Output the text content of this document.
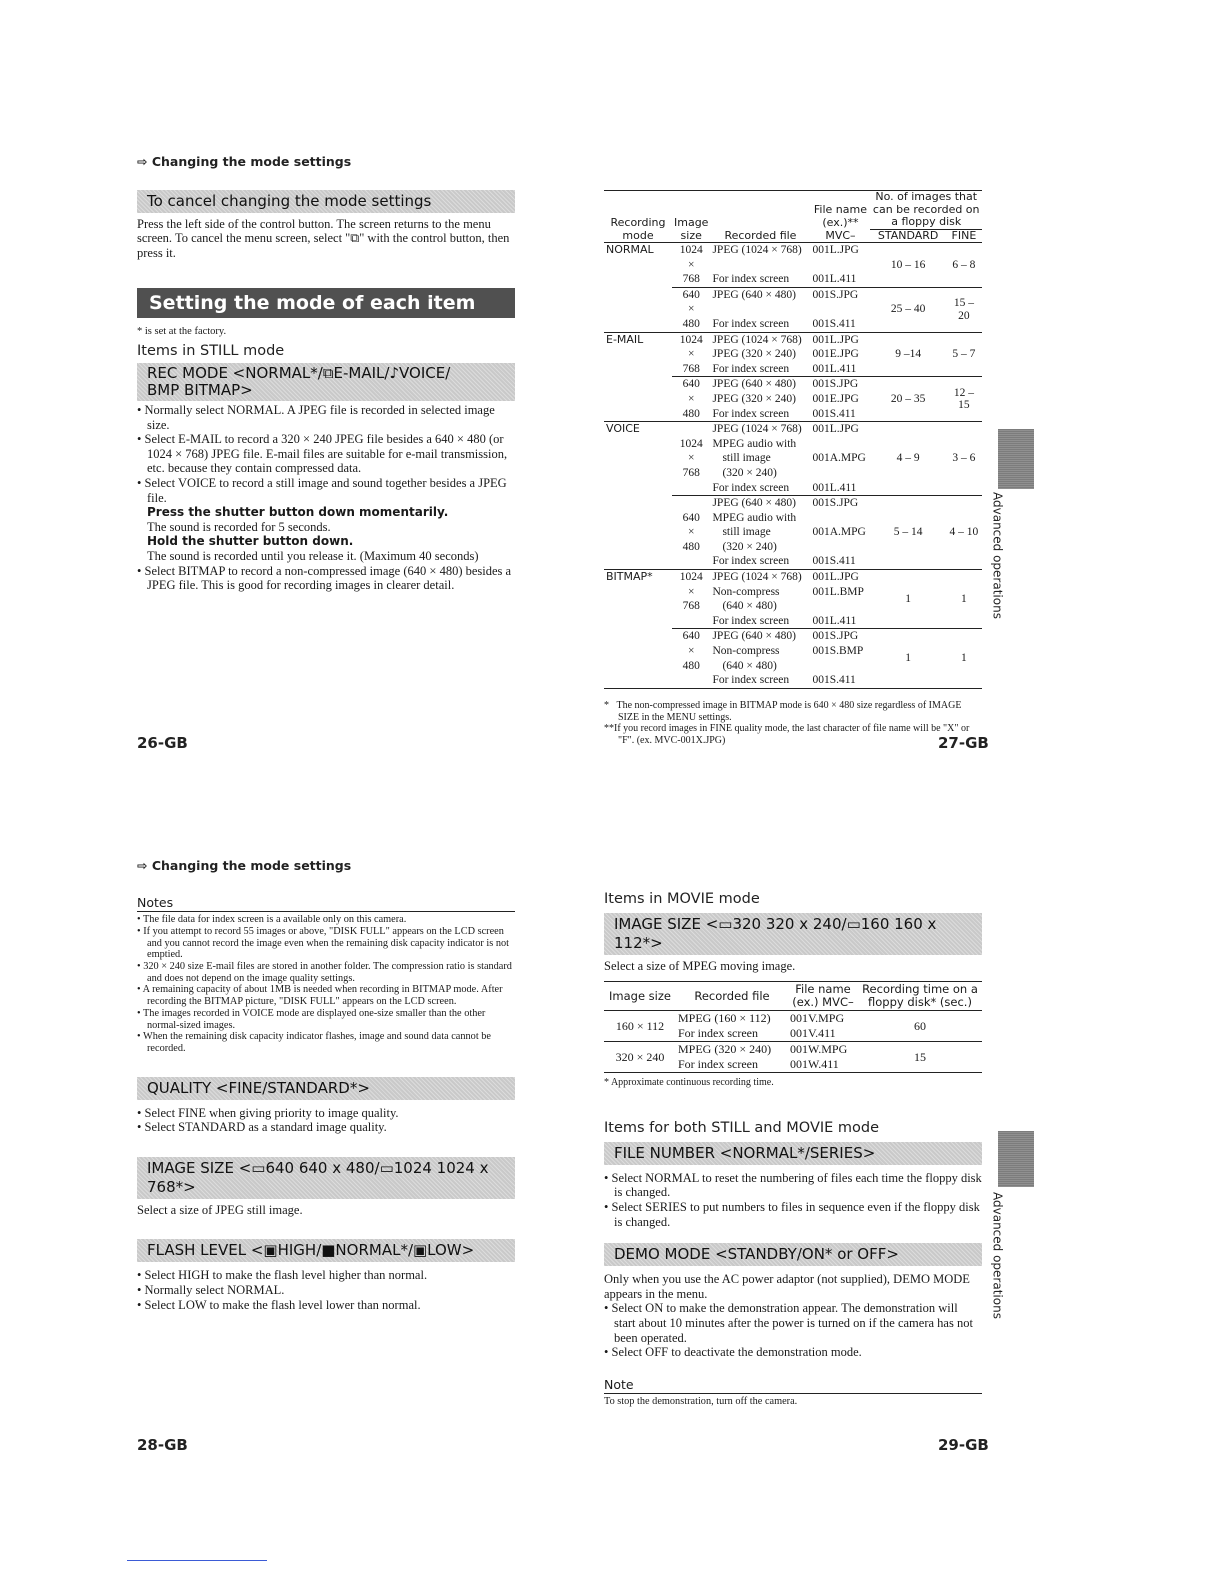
⇨ Changing the mode settings
To cancel changing the mode settings

Press the left side of the control button. The screen returns to the menu screen. To cancel the menu screen, select "⧉" with the control button, then press it.

Setting the mode of each item

* is set at the factory.

Items in STILL mode
REC MODE <NORMAL*/⧉E-MAIL/♪VOICE/
BMP BITMAP>
• Normally select NORMAL. A JPEG file is recorded in selected image size.
• Select E-MAIL to record a 320 × 240 JPEG file besides a 640 × 480 (or 1024 × 768) JPEG file. E-mail files are suitable for e-mail transmission, etc. because they contain compressed data.
• Select VOICE to record a still image and sound together besides a JPEG file.
Press the shutter button down momentarily.
The sound is recorded for 5 seconds.
Hold the shutter button down.
The sound is recorded until you release it. (Maximum 40 seconds)
• Select BITMAP to record a non-compressed image (640 × 480) besides a JPEG file. This is good for recording images in clearer detail.
26-GB
Recording mode	Image size	Recorded file	File name (ex.)**	No. of images that can be recorded on a floppy disk	
			MVC–	STANDARD	FINE
NORMAL	1024	JPEG (1024 × 768)	001L.JPG	10 – 16	6 – 8
	×				
	768	For index screen	001L.411		
	640	JPEG (640 × 480)	001S.JPG	25 – 40	15 – 20
	×				
	480	For index screen	001S.411		
E-MAIL	1024	JPEG (1024 × 768)	001L.JPG	9 –14	5 – 7
	×	JPEG (320 × 240)	001E.JPG		
	768	For index screen	001L.411		
	640	JPEG (640 × 480)	001S.JPG	20 – 35	12 – 15
	×	JPEG (320 × 240)	001E.JPG		
	480	For index screen	001S.411		
VOICE		JPEG (1024 × 768)	001L.JPG	4 – 9	3 – 6
	1024	MPEG audio with			
	×	still image	001A.MPG		
	768	(320 × 240)			
		For index screen	001L.411		
		JPEG (640 × 480)	001S.JPG	5 – 14	4 – 10
	640	MPEG audio with			
	×	still image	001A.MPG		
	480	(320 × 240)			
		For index screen	001S.411		
BITMAP*	1024	JPEG (1024 × 768)	001L.JPG	1	1
	×	Non-compress	001L.BMP		
	768	(640 × 480)			
		For index screen	001L.411		
	640	JPEG (640 × 480)	001S.JPG	1	1
	×	Non-compress	001S.BMP		
	480	(640 × 480)			
		For index screen	001S.411		

*   The non-compressed image in BITMAP mode is 640 × 480 size regardless of IMAGE SIZE in the MENU settings.
**If you record images in FINE quality mode, the last character of file name will be "X" or "F". (ex. MVC-001X.JPG)	27-GB
Advanced operations
⇨ Changing the mode settings
Notes
• The file data for index screen is a available only on this camera.
• If you attempt to record 55 images or above, "DISK FULL" appears on the LCD screen and you cannot record the image even when the remaining disk capacity indicator is not emptied.
• 320 × 240 size E-mail files are stored in another folder. The compression ratio is standard and does not depend on the image quality settings.
• A remaining capacity of about 1MB is needed when recording in BITMAP mode. After recording the BITMAP picture, "DISK FULL" appears on the LCD screen.
• The images recorded in VOICE mode are displayed one-size smaller than the other normal-sized images.
• When the remaining disk capacity indicator flashes, image and sound data cannot be recorded.
QUALITY <FINE/STANDARD*>
• Select FINE when giving priority to image quality.
• Select STANDARD as a standard image quality.
IMAGE SIZE <▭640 640 x 480/▭1024 1024 x 768*>

Select a size of JPEG still image.

FLASH LEVEL <▣HIGH/■NORMAL*/▣LOW>
• Select HIGH to make the flash level higher than normal.
• Normally select NORMAL.
• Select LOW to make the flash level lower than normal.
28-GB
Items in MOVIE mode
IMAGE SIZE <▭320 320 x 240/▭160 160 x 112*>

Select a size of MPEG moving image.

Image size	Recorded file	File name (ex.) MVC–	Recording time on a floppy disk* (sec.)
160 × 112	MPEG (160 × 112)	001V.MPG	60
	For index screen	001V.411	
320 × 240	MPEG (320 × 240)	001W.MPG	15
	For index screen	001W.411	
* Approximate continuous recording time.
Items for both STILL and MOVIE mode
FILE NUMBER <NORMAL*/SERIES>
• Select NORMAL to reset the numbering of files each time the floppy disk is changed.
• Select SERIES to put numbers to files in sequence even if the floppy disk is changed.
DEMO MODE <STANDBY/ON* or OFF>

Only when you use the AC power adaptor (not supplied), DEMO MODE appears in the menu.

• Select ON to make the demonstration appear. The demonstration will start about 10 minutes after the power is turned on if the camera has not been operated.
• Select OFF to deactivate the demonstration mode.
Note

To stop the demonstration, turn off the camera.

29-GB
Advanced operations
